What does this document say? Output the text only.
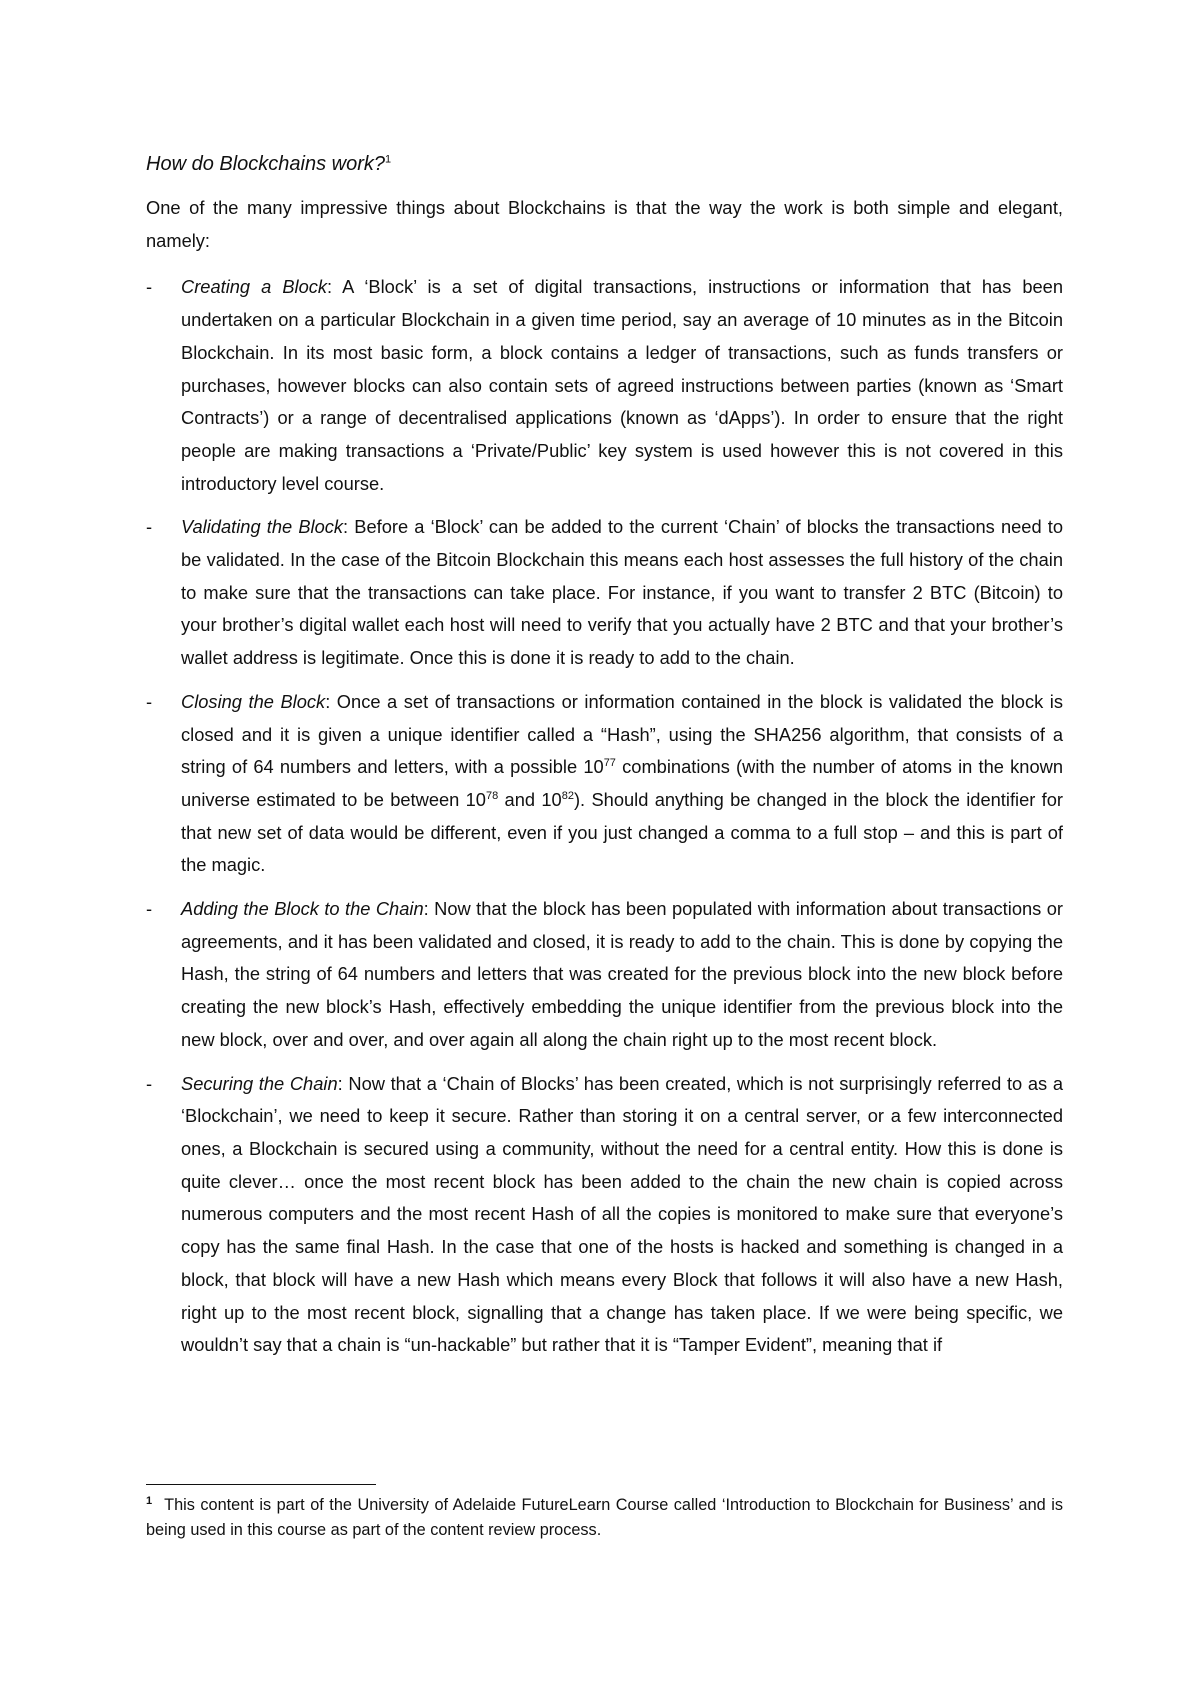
How do Blockchains work?$^1$

One of the many impressive things about Blockchains is that the way the work is both simple and elegant, namely:

- Creating a Block: A ‘Block’ is a set of digital transactions, instructions or information that has been undertaken on a particular Blockchain in a given time period, say an average of 10 minutes as in the Bitcoin Blockchain. In its most basic form, a block contains a ledger of transactions, such as funds transfers or purchases, however blocks can also contain sets of agreed instructions between parties (known as ‘Smart Contracts’) or a range of decentralised applications (known as ‘dApps’). In order to ensure that the right people are making transactions a ‘Private/Public’ key system is used however this is not covered in this introductory level course.

- Validating the Block: Before a ‘Block’ can be added to the current ‘Chain’ of blocks the transactions need to be validated. In the case of the Bitcoin Blockchain this means each host assesses the full history of the chain to make sure that the transactions can take place. For instance, if you want to transfer 2 BTC (Bitcoin) to your brother’s digital wallet each host will need to verify that you actually have 2 BTC and that your brother’s wallet address is legitimate. Once this is done it is ready to add to the chain.

- Closing the Block: Once a set of transactions or information contained in the block is validated the block is closed and it is given a unique identifier called a “Hash”, using the SHA256 algorithm, that consists of a string of 64 numbers and letters, with a possible $10^{77}$ combinations (with the number of atoms in the known universe estimated to be between $10^{78}$ and $10^{82}$). Should anything be changed in the block the identifier for that new set of data would be different, even if you just changed a comma to a full stop – and this is part of the magic.

- Adding the Block to the Chain: Now that the block has been populated with information about transactions or agreements, and it has been validated and closed, it is ready to add to the chain. This is done by copying the Hash, the string of 64 numbers and letters that was created for the previous block into the new block before creating the new block’s Hash, effectively embedding the unique identifier from the previous block into the new block, over and over, and over again all along the chain right up to the most recent block.

- Securing the Chain: Now that a ‘Chain of Blocks’ has been created, which is not surprisingly referred to as a ‘Blockchain’, we need to keep it secure. Rather than storing it on a central server, or a few interconnected ones, a Blockchain is secured using a community, without the need for a central entity. How this is done is quite clever… once the most recent block has been added to the chain the new chain is copied across numerous computers and the most recent Hash of all the copies is monitored to make sure that everyone’s copy has the same final Hash. In the case that one of the hosts is hacked and something is changed in a block, that block will have a new Hash which means every Block that follows it will also have a new Hash, right up to the most recent block, signalling that a change has taken place. If we were being specific, we wouldn’t say that a chain is “un-hackable” but rather that it is “Tamper Evident”, meaning that if

$^1$ This content is part of the University of Adelaide FutureLearn Course called ‘Introduction to Blockchain for Business’ and is being used in this course as part of the content review process.
